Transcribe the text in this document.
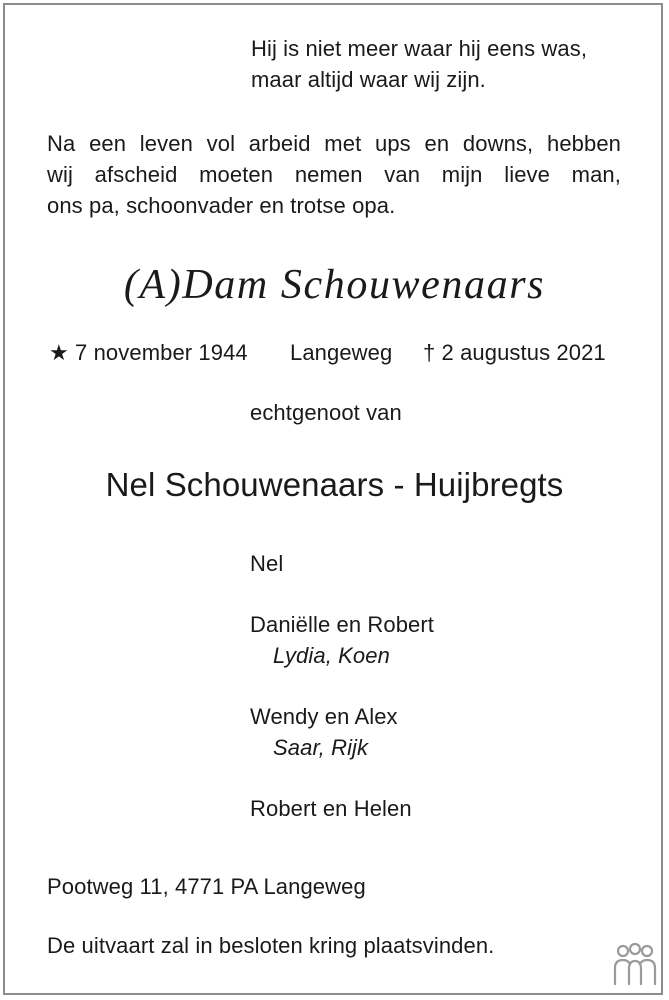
Hij is niet meer waar hij eens was,
maar altijd waar wij zijn.
Na een leven vol arbeid met ups en downs, hebben
wij afscheid moeten nemen van mijn lieve man,
ons pa, schoonvader en trotse opa.
(A)Dam Schouwenaars
★ 7 november 1944 Langeweg † 2 augustus 2021
echtgenoot van
Nel Schouwenaars - Huijbregts
Nel
Daniëlle en Robert
Lydia, Koen
Wendy en Alex
Saar, Rijk
Robert en Helen
Pootweg 11, 4771 PA Langeweg
De uitvaart zal in besloten kring plaatsvinden.
